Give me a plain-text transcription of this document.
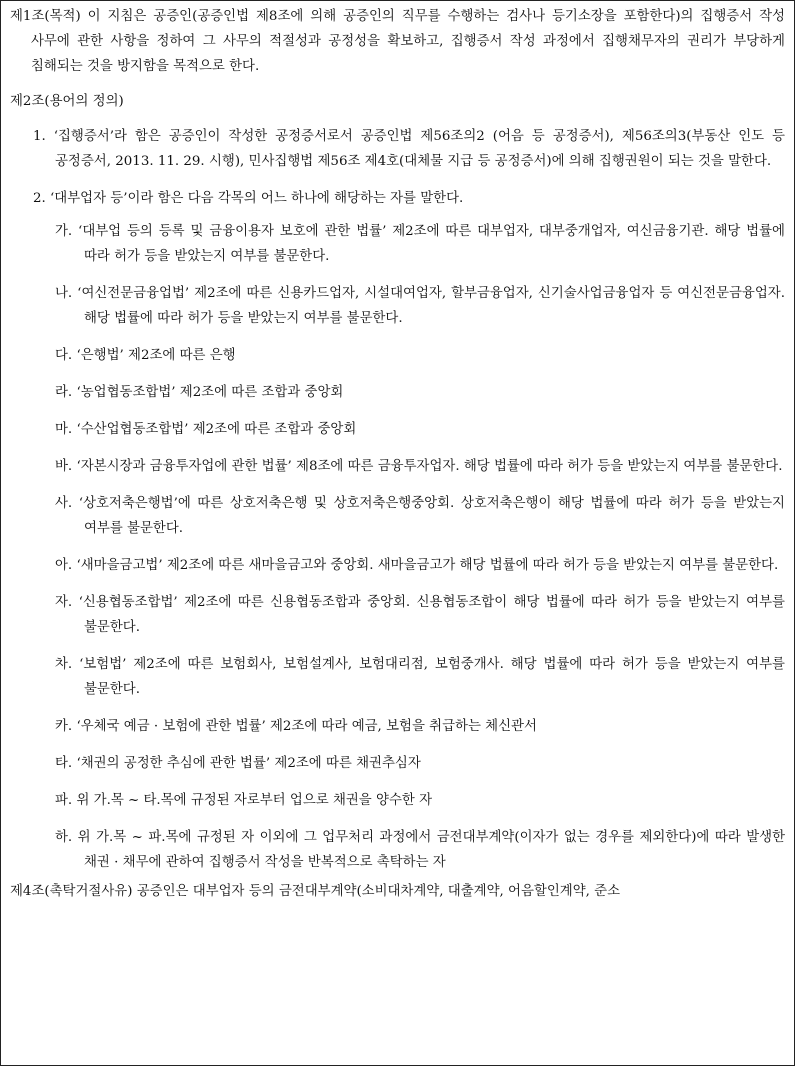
제1조(목적) 이 지침은 공증인(공증인법 제8조에 의해 공증인의 직무를 수행하는 검사나 등기소장을 포함한다)의 집행증서 작성 사무에 관한 사항을 정하여 그 사무의 적절성과 공정성을 확보하고, 집행증서 작성 과정에서 집행채무자의 권리가 부당하게 침해되는 것을 방지함을 목적으로 한다.

제2조(용어의 정의)

1. ‘집행증서’라 함은 공증인이 작성한 공정증서로서 공증인법 제56조의2 (어음 등 공정증서), 제56조의3(부동산 인도 등 공정증서, 2013. 11. 29. 시행), 민사집행법 제56조 제4호(대체물 지급 등 공정증서)에 의해 집행권원이 되는 것을 말한다.

2. ‘대부업자 등’이라 함은 다음 각목의 어느 하나에 해당하는 자를 말한다.

가. ‘대부업 등의 등록 및 금융이용자 보호에 관한 법률’ 제2조에 따른 대부업자, 대부중개업자, 여신금융기관. 해당 법률에 따라 허가 등을 받았는지 여부를 불문한다.

나. ‘여신전문금융업법’ 제2조에 따른 신용카드업자, 시설대여업자, 할부금융업자, 신기술사업금융업자 등 여신전문금융업자. 해당 법률에 따라 허가 등을 받았는지 여부를 불문한다.

다. ‘은행법’ 제2조에 따른 은행

라. ‘농업협동조합법’ 제2조에 따른 조합과 중앙회

마. ‘수산업협동조합법’ 제2조에 따른 조합과 중앙회

바. ‘자본시장과 금융투자업에 관한 법률’ 제8조에 따른 금융투자업자. 해당 법률에 따라 허가 등을 받았는지 여부를 불문한다.

사. ‘상호저축은행법’에 따른 상호저축은행 및 상호저축은행중앙회. 상호저축은행이 해당 법률에 따라 허가 등을 받았는지 여부를 불문한다.

아. ‘새마을금고법’ 제2조에 따른 새마을금고와 중앙회. 새마을금고가 해당 법률에 따라 허가 등을 받았는지 여부를 불문한다.

자. ‘신용협동조합법’ 제2조에 따른 신용협동조합과 중앙회. 신용협동조합이 해당 법률에 따라 허가 등을 받았는지 여부를 불문한다.

차. ‘보험법’ 제2조에 따른 보험회사, 보험설계사, 보험대리점, 보험중개사. 해당 법률에 따라 허가 등을 받았는지 여부를 불문한다.

카. ‘우체국 예금 · 보험에 관한 법률’ 제2조에 따라 예금, 보험을 취급하는 체신관서

타. ‘채권의 공정한 추심에 관한 법률’ 제2조에 따른 채권추심자

파. 위 가.목 ~ 타.목에 규정된 자로부터 업으로 채권을 양수한 자

하. 위 가.목 ~ 파.목에 규정된 자 이외에 그 업무처리 과정에서 금전대부계약(이자가 없는 경우를 제외한다)에 따라 발생한 채권 · 채무에 관하여 집행증서 작성을 반복적으로 촉탁하는 자

제4조(촉탁거절사유) 공증인은 대부업자 등의 금전대부계약(소비대차계약, 대출계약, 어음할인계약, 준소
